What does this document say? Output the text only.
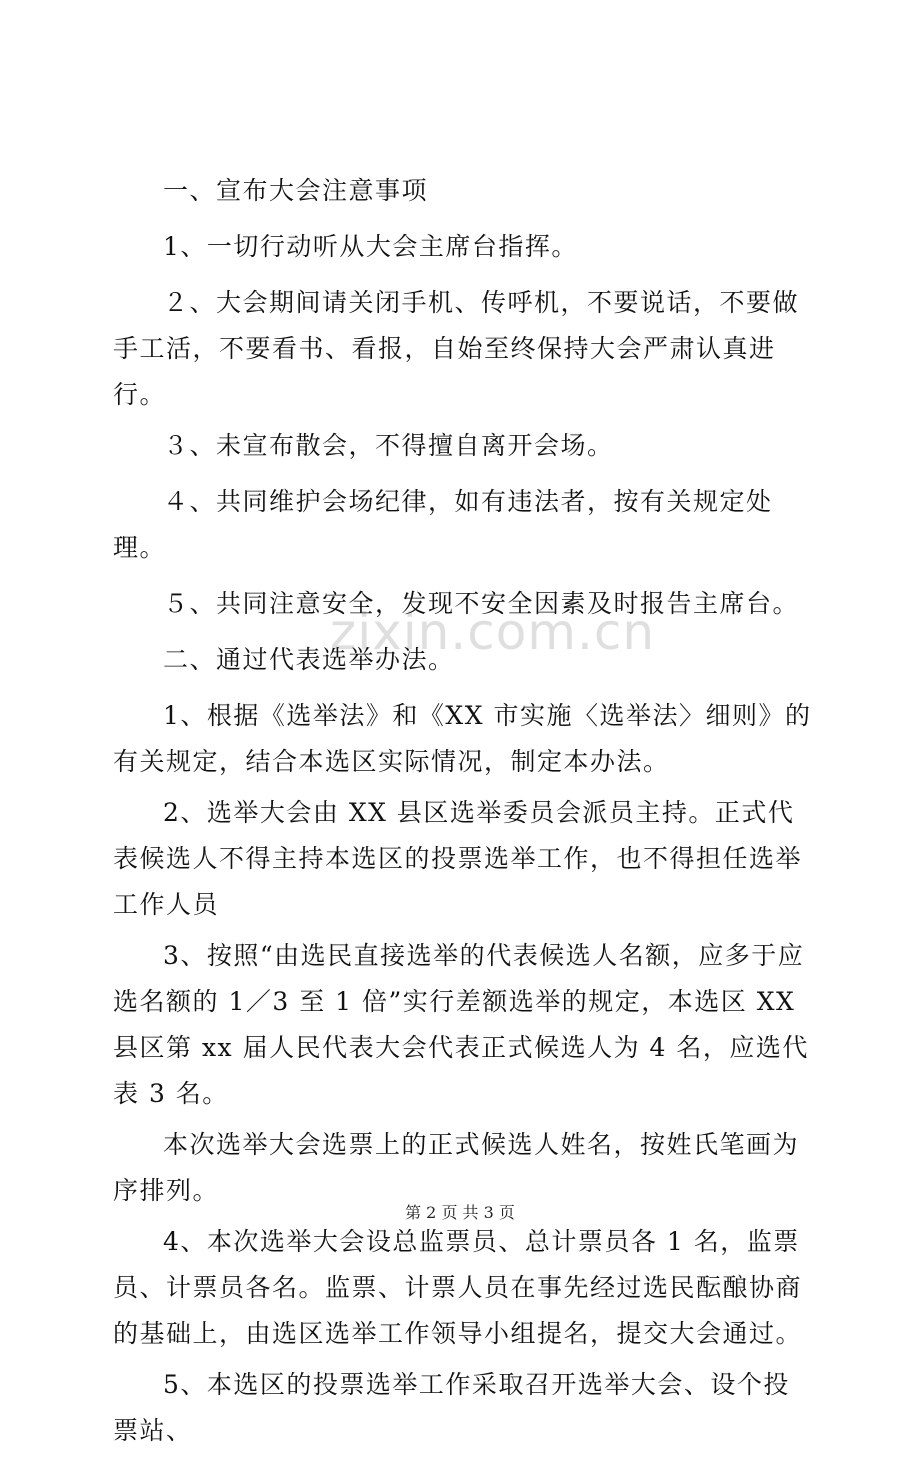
zixin.com.cn

一、宣布大会注意事项

1、一切行动听从大会主席台指挥。

２、大会期间请关闭手机、传呼机，不要说话，不要做手工活，不要看书、看报，自始至终保持大会严肃认真进行。

３、未宣布散会，不得擅自离开会场。

４、共同维护会场纪律，如有违法者，按有关规定处理。

５、共同注意安全，发现不安全因素及时报告主席台。

二、通过代表选举办法。

1、根据《选举法》和《XX 市实施〈选举法〉细则》的有关规定，结合本选区实际情况，制定本办法。

2、选举大会由 XX 县区选举委员会派员主持。正式代表候选人不得主持本选区的投票选举工作，也不得担任选举工作人员

3、按照“由选民直接选举的代表候选人名额，应多于应选名额的 1／3 至 1 倍”实行差额选举的规定，本选区 XX 县区第 xx 届人民代表大会代表正式候选人为 4 名，应选代表 3 名。

本次选举大会选票上的正式候选人姓名，按姓氏笔画为序排列。

4、本次选举大会设总监票员、总计票员各 1 名，监票员、计票员各名。监票、计票人员在事先经过选民酝酿协商的基础上，由选区选举工作领导小组提名，提交大会通过。

5、本选区的投票选举工作采取召开选举大会、设个投票站、

第 2 页 共 3 页
